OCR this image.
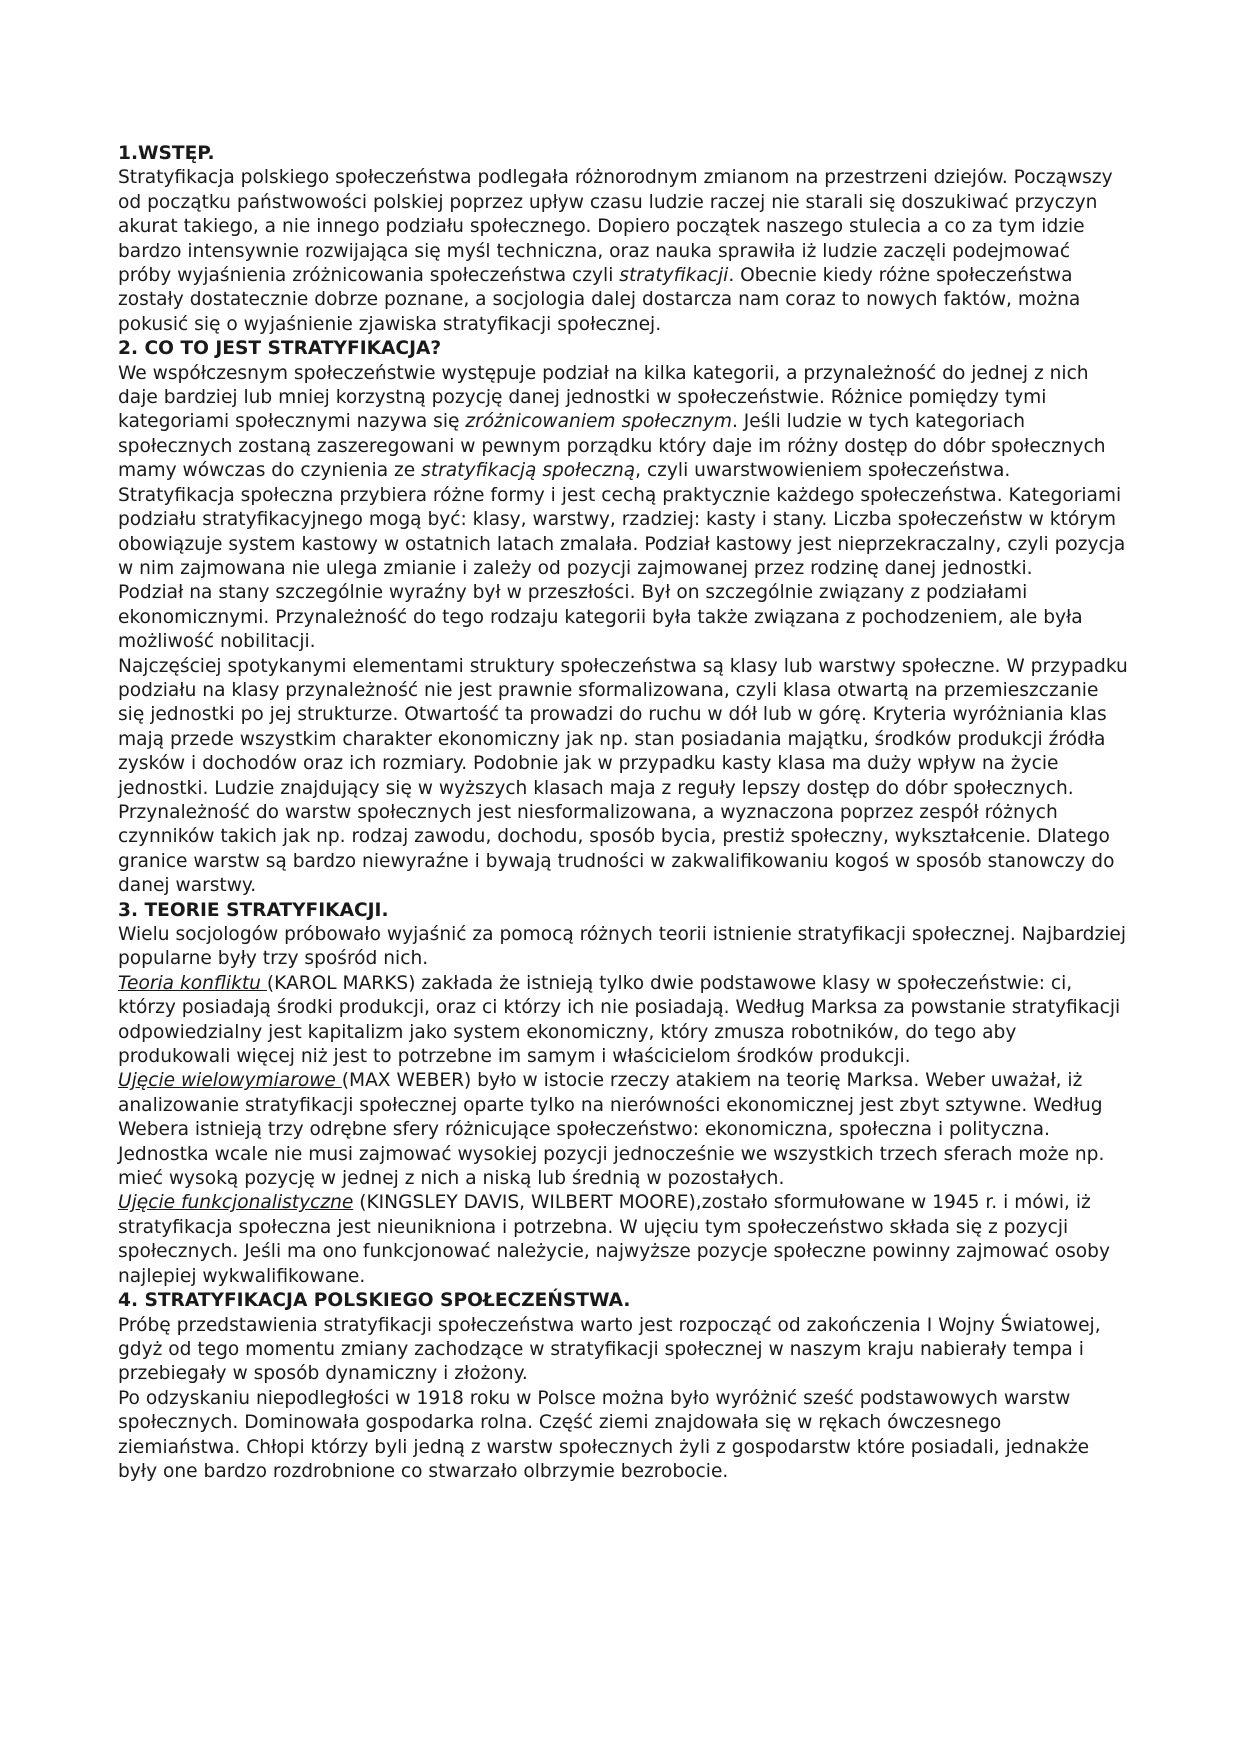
1.WSTĘP.

Stratyfikacja polskiego społeczeństwa podlegała różnorodnym zmianom na przestrzeni dziejów. Począwszy od początku państwowości polskiej poprzez upływ czasu ludzie raczej nie starali się doszukiwać przyczyn akurat takiego, a nie innego podziału społecznego. Dopiero początek naszego stulecia a co za tym idzie bardzo intensywnie rozwijająca się myśl techniczna, oraz nauka sprawiła iż ludzie zaczęli podejmować próby wyjaśnienia zróżnicowania społeczeństwa czyli stratyfikacji. Obecnie kiedy różne społeczeństwa zostały dostatecznie dobrze poznane, a socjologia dalej dostarcza nam coraz to nowych faktów, można pokusić się o wyjaśnienie zjawiska stratyfikacji społecznej.

2. CO TO JEST STRATYFIKACJA?

We współczesnym społeczeństwie występuje podział na kilka kategorii, a przynależność do jednej z nich daje bardziej lub mniej korzystną pozycję danej jednostki w społeczeństwie. Różnice pomiędzy tymi kategoriami społecznymi nazywa się zróżnicowaniem społecznym. Jeśli ludzie w tych kategoriach społecznych zostaną zaszeregowani w pewnym porządku który daje im różny dostęp do dóbr społecznych mamy wówczas do czynienia ze stratyfikacją społeczną, czyli uwarstwowieniem społeczeństwa.

Stratyfikacja społeczna przybiera różne formy i jest cechą praktycznie każdego społeczeństwa. Kategoriami podziału stratyfikacyjnego mogą być: klasy, warstwy, rzadziej: kasty i stany. Liczba społeczeństw w którym obowiązuje system kastowy w ostatnich latach zmalała. Podział kastowy jest nieprzekraczalny, czyli pozycja w nim zajmowana nie ulega zmianie i zależy od pozycji zajmowanej przez rodzinę danej jednostki.

Podział na stany szczególnie wyraźny był w przeszłości. Był on szczególnie związany z podziałami ekonomicznymi. Przynależność do tego rodzaju kategorii była także związana z pochodzeniem, ale była możliwość nobilitacji.

Najczęściej spotykanymi elementami struktury społeczeństwa są klasy lub warstwy społeczne. W przypadku podziału na klasy przynależność nie jest prawnie sformalizowana, czyli klasa otwartą na przemieszczanie się jednostki po jej strukturze. Otwartość ta prowadzi do ruchu w dół lub w górę. Kryteria wyróżniania klas mają przede wszystkim charakter ekonomiczny jak np. stan posiadania majątku, środków produkcji źródła zysków i dochodów oraz ich rozmiary. Podobnie jak w przypadku kasty klasa ma duży wpływ na życie jednostki. Ludzie znajdujący się w wyższych klasach maja z reguły lepszy dostęp do dóbr społecznych. Przynależność do warstw społecznych jest niesformalizowana, a wyznaczona poprzez zespół różnych czynników takich jak np. rodzaj zawodu, dochodu, sposób bycia, prestiż społeczny, wykształcenie. Dlatego granice warstw są bardzo niewyraźne i bywają trudności w zakwalifikowaniu kogoś w sposób stanowczy do danej warstwy.

3. TEORIE STRATYFIKACJI.

Wielu socjologów próbowało wyjaśnić za pomocą różnych teorii istnienie stratyfikacji społecznej. Najbardziej popularne były trzy spośród nich.

Teoria konfliktu (KAROL MARKS) zakłada że istnieją tylko dwie podstawowe klasy w społeczeństwie: ci, którzy posiadają środki produkcji, oraz ci którzy ich nie posiadają. Według Marksa za powstanie stratyfikacji odpowiedzialny jest kapitalizm jako system ekonomiczny, który zmusza robotników, do tego aby produkowali więcej niż jest to potrzebne im samym i właścicielom środków produkcji.

Ujęcie wielowymiarowe (MAX WEBER) było w istocie rzeczy atakiem na teorię Marksa. Weber uważał, iż analizowanie stratyfikacji społecznej oparte tylko na nierówności ekonomicznej jest zbyt sztywne. Według Webera istnieją trzy odrębne sfery różnicujące społeczeństwo: ekonomiczna, społeczna i polityczna. Jednostka wcale nie musi zajmować wysokiej pozycji jednocześnie we wszystkich trzech sferach może np. mieć wysoką pozycję w jednej z nich a niską lub średnią w pozostałych.

Ujęcie funkcjonalistyczne (KINGSLEY DAVIS, WILBERT MOORE),zostało sformułowane w 1945 r. i mówi, iż stratyfikacja społeczna jest nieunikniona i potrzebna. W ujęciu tym społeczeństwo składa się z pozycji społecznych. Jeśli ma ono funkcjonować należycie, najwyższe pozycje społeczne powinny zajmować osoby najlepiej wykwalifikowane.

4. STRATYFIKACJA POLSKIEGO SPOŁECZEŃSTWA.

Próbę przedstawienia stratyfikacji społeczeństwa warto jest rozpocząć od zakończenia I Wojny Światowej, gdyż od tego momentu zmiany zachodzące w stratyfikacji społecznej w naszym kraju nabierały tempa i przebiegały w sposób dynamiczny i złożony.

Po odzyskaniu niepodległości w 1918 roku w Polsce można było wyróżnić sześć podstawowych warstw społecznych. Dominowała gospodarka rolna. Część ziemi znajdowała się w rękach ówczesnego ziemiaństwa. Chłopi którzy byli jedną z warstw społecznych żyli z gospodarstw które posiadali, jednakże były one bardzo rozdrobnione co stwarzało olbrzymie bezrobocie.
